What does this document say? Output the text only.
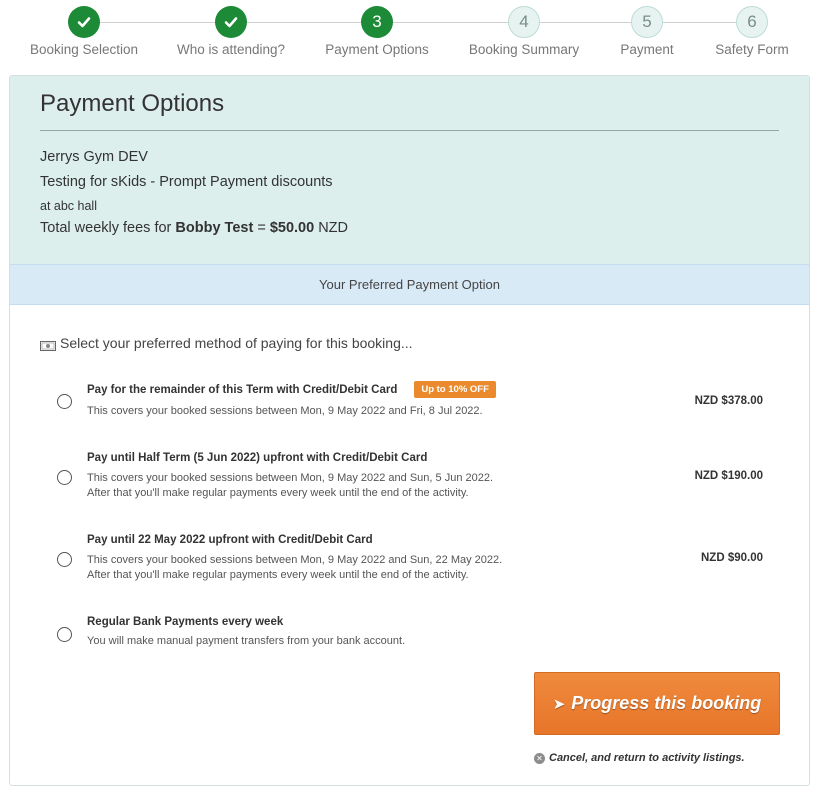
Booking Selection	Who is attending?
3
Payment Options
4
Booking Summary
5
Payment
6
Safety Form
Payment Options
Jerrys Gym DEV
Testing for sKids - Prompt Payment discounts
at abc hall
Total weekly fees for Bobby Test = $50.00 NZD
Your Preferred Payment Option
Select your preferred method of paying for this booking...
Pay for the remainder of this Term with Credit/Debit Card	Up to 10% OFF
This covers your booked sessions between Mon, 9 May 2022 and Fri, 8 Jul 2022.
NZD $378.00
Pay until Half Term (5 Jun 2022) upfront with Credit/Debit Card
This covers your booked sessions between Mon, 9 May 2022 and Sun, 5 Jun 2022.
After that you'll make regular payments every week until the end of the activity.
NZD $190.00
Pay until 22 May 2022 upfront with Credit/Debit Card
This covers your booked sessions between Mon, 9 May 2022 and Sun, 22 May 2022.
After that you'll make regular payments every week until the end of the activity.
NZD $90.00
Regular Bank Payments every week
You will make manual payment transfers from your bank account.
➤ Progress this booking
✕ Cancel, and return to activity listings.
